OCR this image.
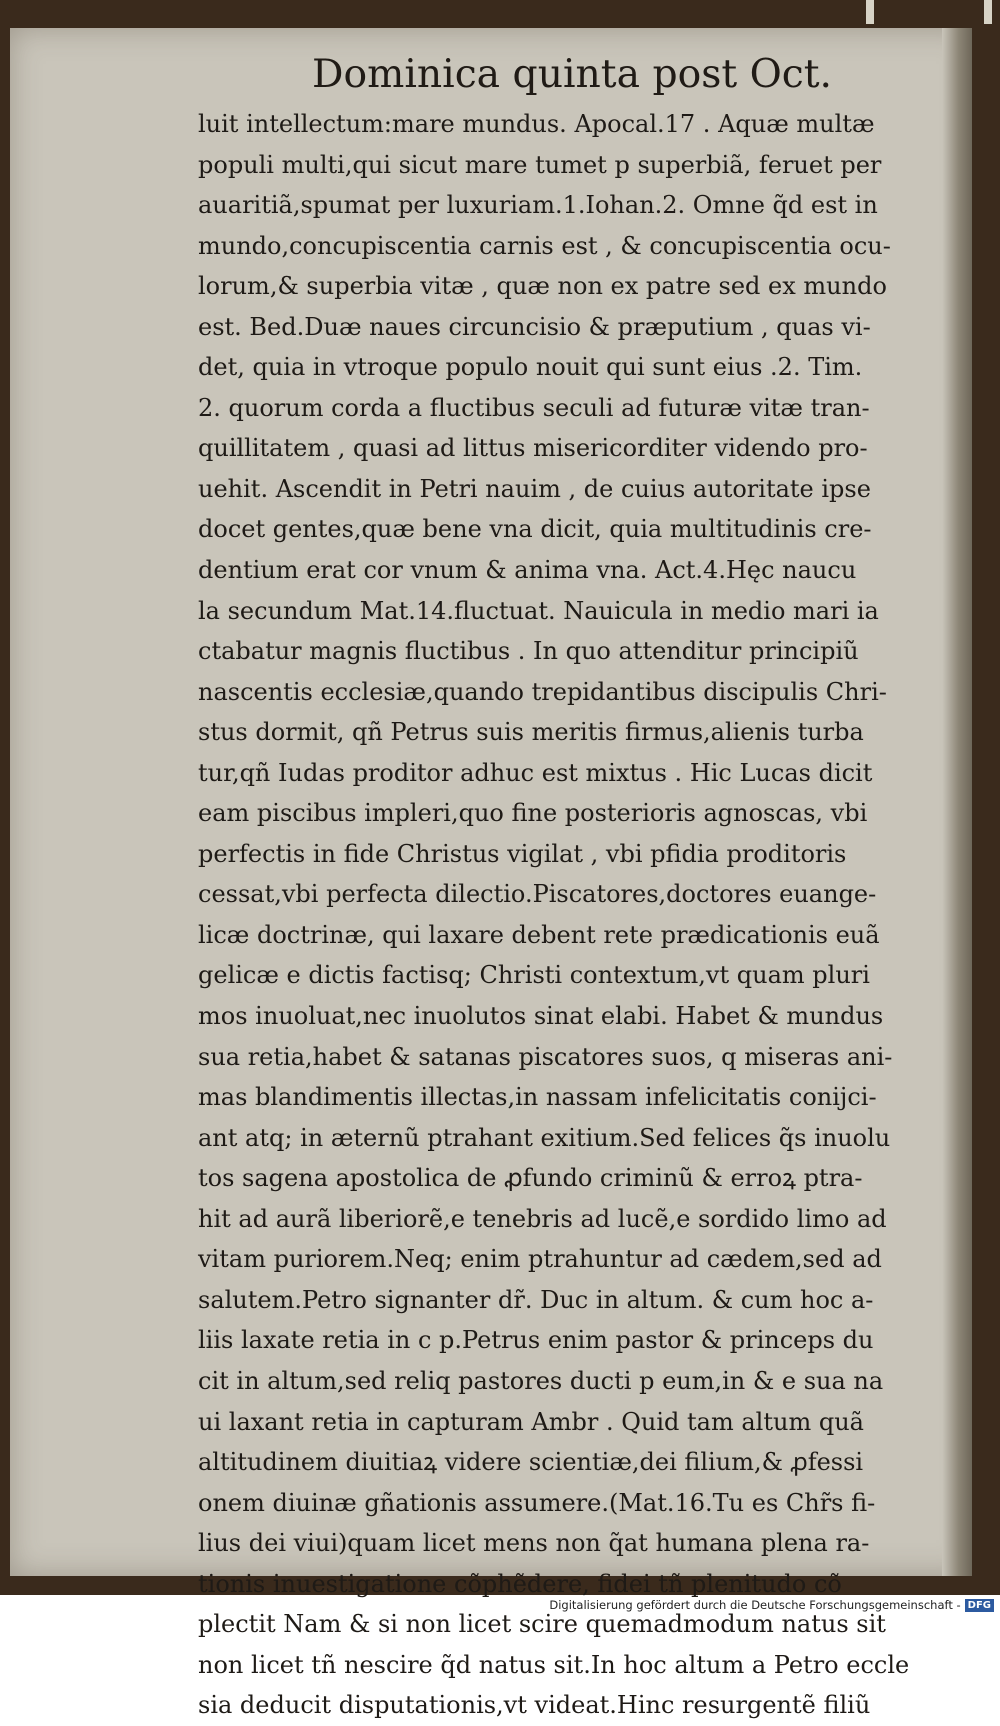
Dominica quinta post Oct.
luit intellectum:mare mundus. Apocal.17 . Aquæ multæ
populi multi,qui sicut mare tumet p superbiã, feruet per
auaritiã,spumat per luxuriam.1.Iohan.2. Omne q̃d est in
mundo,concupiscentia carnis est , & concupiscentia ocu-
lorum,& superbia vitæ , quæ non ex patre sed ex mundo
est. Bed.Duæ naues circuncisio & præputium , quas vi-
det, quia in vtroque populo nouit qui sunt eius .2. Tim.
2. quorum corda a fluctibus seculi ad futuræ vitæ tran-
quillitatem , quasi ad littus misericorditer videndo pro-
uehit. Ascendit in Petri nauim , de cuius autoritate ipse
docet gentes,quæ bene vna dicit, quia multitudinis cre-
dentium erat cor vnum & anima vna. Act.4.Hęc naucu
la secundum Mat.14.fluctuat. Nauicula in medio mari ia
ctabatur magnis fluctibus . In quo attenditur principiũ
nascentis ecclesiæ,quando trepidantibus discipulis Chri-
stus dormit, qñ Petrus suis meritis firmus,alienis turba
tur,qñ Iudas proditor adhuc est mixtus . Hic Lucas dicit
eam piscibus impleri,quo fine posterioris agnoscas, vbi
perfectis in fide Christus vigilat , vbi pfidia proditoris
cessat,vbi perfecta dilectio.Piscatores,doctores euange-
licæ doctrinæ, qui laxare debent rete prædicationis euã
gelicæ e dictis factisq; Christi contextum,vt quam pluri
mos inuoluat,nec inuolutos sinat elabi. Habet & mundus
sua retia,habet & satanas piscatores suos, q miseras ani-
mas blandimentis illectas,in nassam infelicitatis conijci-
ant atq; in æternũ ptrahant exitium.Sed felices q̃s inuolu
tos sagena apostolica de ꝓfundo criminũ & erroꝝ ptra-
hit ad aurã liberiorẽ,e tenebris ad lucẽ,e sordido limo ad
vitam puriorem.Neq; enim ptrahuntur ad cædem,sed ad
salutem.Petro signanter dr̃. Duc in altum. & cum hoc a-
liis laxate retia in c p.Petrus enim pastor & princeps du
cit in altum,sed reliq pastores ducti p eum,in & e sua na
ui laxant retia in capturam Ambr . Quid tam altum quã
altitudinem diuitiaꝝ videre scientiæ,dei filium,& ꝓfessi
onem diuinæ gñationis assumere.(Mat.16.Tu es Chr̃s fi-
lius dei viui)quam licet mens non q̃at humana plena ra-
tionis inuestigatione cõphẽdere, fidei tñ plenitudo cõ
plectit Nam & si non licet scire quemadmodum natus sit
non licet tñ nescire q̃d natus sit.In hoc altum a Petro eccle
sia deducit disputationis,vt videat.Hinc resurgentẽ filiũ
Digitalisierung gefördert durch die Deutsche Forschungsgemeinschaft - DFG
